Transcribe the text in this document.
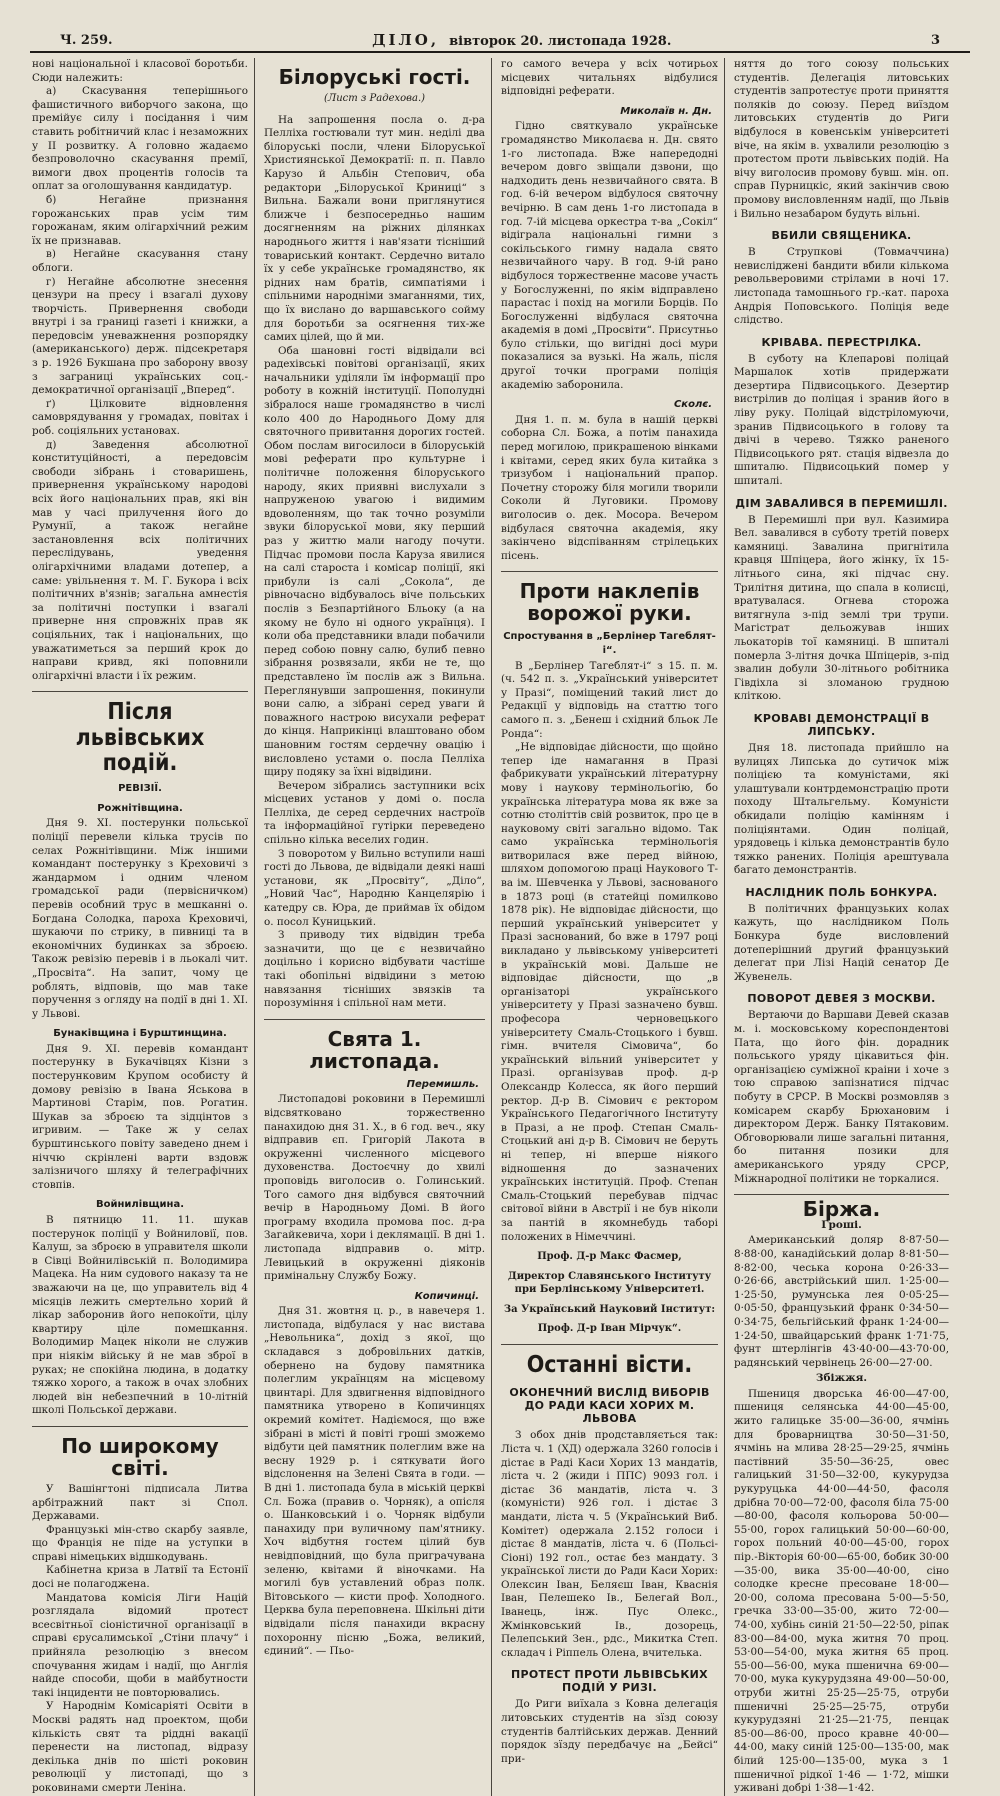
Ч. 259.	ДІЛО, вівторок 20. листопада 1928.	3

нові національної і класової боротьби. Сюди належить:

а) Скасування теперішнього фашистичного виборчого закона, що премійує силу і посідання і чим ставить робітничий клас і незаможних у II розвитку. А головно жадаємо безпроволочно скасування премії, вимоги двох процентів голосів та оплат за оголошування кандидатур.

б) Негайне признання горожанських прав усім тим горожанам, яким олігархічний режим їх не признавав.

в) Негайне скасування стану облоги.

г) Негайне абсолютне знесення цензури на пресу і взагалі духову творчість. Привернення свободи внутрі і за границі газеті і книжки, а передовсім уневажнення розпорядку (американського) держ. підсекретаря з р. 1926 Букшана про заборону ввозу з заграниці українських соц.-демократичної організації „Вперед“.

ґ) Цілковите відновлення самоврядування у громадах, повітах і роб. соціяльних установах.

д) Заведення абсолютної конституційності, а передовсім свободи зібрань і стоваришень, привернення українському народові всіх його національних прав, які він мав у часі прилучення його до Румунії, а також негайне застановлення всіх політичних переслідувань, уведення олігархічними владами дотепер, а саме: увільнення т. М. Г. Букора і всіх політичних в'язнів; загальна амнестія за політичні поступки і взагалі приверне ння спровжніх прав як соціяльних, так і національних, що уважатиметься за перший крок до направи кривд, які поповнили олігархічні власти і їх режим.

Після львівських подій.
РЕВІЗІЇ.
Рожнітівщина.

Дня 9. XI. постерунки польської поліції перевели кілька трусів по селах Рожнітівщини. Між іншими командант постерунку з Креховичі з жандармом і одним членом громадської ради (первісничком) перевів особний трус в мешканні о. Богдана Солодка, пароха Креховичі, шукаючи по стрику, в пивниці та в економічних будинках за зброєю. Також ревізію перевів і в льокалі чит. „Просвіта“. На запит, чому це роблять, відповів, що мав таке поручення з огляду на події в дні 1. XI. у Львові.

Бунаківщина і Бурштинщина.

Дня 9. XI. перевів командант постерунку в Букачівцях Кізни з постерунковим Крупом особисту й домову ревізію в Івана Яськова в Мартинові Старім, пов. Рогатин. Шукав за зброєю та зідцінтов з игривим. — Таке ж у селах бурштинського повіту заведено днем і ніччю скрінлені варти вздовж залізничого шляху й телеграфічних стовпів.

Войнилівщина.

В пятницю 11. 11. шукав постерунок поліції у Войниловії, пов. Калуш, за зброєю в управителя школи в Сівці Войнилівській п. Володимира Мацека. На ним судового наказу та не зважаючи на це, що управитель від 4 місяців лежить смертельно хорий й лікар заборонив його непокоїти, цілу квартиру ціле помешкання. Володимир Мацек ніколи не служив при ніякім війську й не мав зброї в руках; не спокійна людина, в додатку тяжко хорого, а також в очах злобних людей він небезпечний в 10-літній школі Польської держави.

По широкому світі.

У Вашінгтоні підписала Литва арбітражний пакт зі Спол. Державами.

Французькі мін-ство скарбу заявле, що Франція не піде на уступки в справі німецьких відшкодувань.

Кабінетна криза в Латвії та Естонії досі не полагоджена.

Мандатова комісія Ліги Націй розглядала відомий протест всесвітньої сіоністичної організації в справі єрусалимської „Стіни плачу“ і прийняла резолюцію з внесом спочування жидам і надії, що Англія найде способи, щоби в майбутности такі інциденти не повторювались.

У Народнім Комісаріяті Освіти в Москві радять над проектом, щоби кількість свят та ріддні вакації перенести на листопад, відразу декілька днів по шісті роковин революції у листопаді, що з роковинами смерти Леніна.

Білоруські гості.
(Лист з Радехова.)

На запрошення посла о. д-ра Пелліха гостювали тут мин. неділі два білоруські посли, члени Білоруської Християнської Демократії: п. п. Павло Карузо й Альбін Степович, оба редактори „Білоруської Криниці“ з Вильна. Бажали вони приглянутися ближче і безпосередньо нашим досягненням на ріжних ділянках народнього життя і нав'язати тісніший товариський контакт. Сердечно витало їх у себе українське громадянство, як рідних нам братів, симпатіями і спільними народніми змаганнями, тих, що їх вислано до варшавського сойму для боротьби за осягнення тих-же самих цілей, що й ми.

Оба шановні гості відвідали всі радехівські повітові організації, яких начальники уділяли їм інформації про роботу в кожній інституції. Пополудні зібралося наше громадянство в числі коло 400 до Народнього Дому для святочного привитання дорогих гостей. Обом послам вигосилоси в білоруській мові реферати про культурне і політичне положення білоруського народу, яких приявні вислухали з напруженою увагою і видимим вдоволенням, що так точно розуміли звуки білоруської мови, яку перший раз у життю мали нагоду почути. Підчас промови посла Каруза явилися на салі староста і комісар поліції, які прибули із салі „Сокола“, де рівночасно відбувалось віче польських послів з Безпартійного Бльоку (а на якому не було ні одного українця). І коли оба представники влади побачили перед собою повну салю, булиб певно зібрання розвязали, якби не те, що представлено їм послів аж з Вильна. Переглянувши запрошення, покинули вони салю, а зібрані серед уваги й поважного настрою висухали реферат до кінця. Наприкінці влаштовано обом шановним гостям сердечну овацію і висловлено устами о. посла Пелліха щиру подяку за їхні відвідини.

Вечером зібрались заступники всіх місцевих установ у домі о. посла Пелліха, де серед сердечних настроїв та інформаційної гутірки переведено спільно кілька веселих годин.

З поворотом у Вильно вступили наші гості до Львова, де відвідали деякі наші установи, як „Просвіту“, „Діло“, „Новий Час“, Народню Канцелярію і катедру св. Юра, де приймав їх обідом о. посол Куницький.

З приводу тих відвідин треба зазначити, що це є незвичайно доцільно і корисно відбувати частіше такі обопільні відвідини з метою навязання тісніших звязків та порозуміння і спільної нам мети.

Свята 1. листопада.
Перемишль.

Листопадові роковини в Перемишлі відсвятковано торжественно панахидою дня 31. X., в 6 год. веч., яку відправив єп. Григорій Лакота в окруженні численного місцевого духовенства. Достоєчну до хвилі проповідь виголосив о. Голинський. Того самого дня відбувся святочний вечір в Народньому Домі. В його програму входила промова пос. д-ра Загайкевича, хори і деклямації. В дні 1. листопада відправив о. мітр. Левицький в окруженні діяконів примінальну Службу Божу.

Копичинці.

Дня 31. жовтня ц. р., в навечеря 1. листопада, відбулася у нас вистава „Невольника“, дохід з якої, що складався з добровільних датків, обернено на будову памятника полеглим українцям на місцевому цвинтарі. Для здвигнення відповідного памятника утворено в Копичинцях окремий комітет. Надіємося, що вже зібрані в місті й повіті гроші зможемо відбути цей памятник полеглим вже на весну 1929 р. і сяткувати його відслонення на Зелені Свята в годи. — В дні 1. листопада була в міській церкві Сл. Божа (правив о. Чорняк), а опісля о. Шанковський і о. Чорняк відбули панахиду при вуличному пам'ятнику. Хоч відбутня гостем цілий був невідповідний, що була приграчувана зеленю, квітами й віночками. На могилі був уставлений образ полк. Вітовського — кисти проф. Холодного. Церква була переповнена. Шкільні діти відвідали після панахиди вкрасну похоронну пісню „Божа, великий, єдиний“. — Пьо-

го самого вечера у всіх чотирьох місцевих читальнях відбулися відповідні реферати.

Миколаїв н. Дн.

Гідно святкувало українське громадянство Миколаєва н. Дн. свято 1-го листопада. Вже напередодні вечером довго звіщали дзвони, що надходить день незвичайного свята. В год. 6-ій вечером відбулося святочну вечірню. В сам день 1-го листопада в год. 7-ій місцева оркестра т-ва „Сокіл“ відіграла національні гимни з сокільського гимну надала свято незвичайного чару. В год. 9-ій рано відбулося торжественне масове участь у Богослуженні, по якім відправлено парастас і похід на могили Борців. По Богослуженні відбулася святочна академія в домі „Просвіти“. Присутньо було стільки, що вигідні досі мури показалися за вузькі. На жаль, після другої точки програми поліція академію заборонила.

Сколє.

Дня 1. п. м. була в нашій церкві соборна Сл. Божа, а потім панахида перед могилою, прикрашеною вінками і квітами, серед яких була китайка з тризубом і національний прапор. Почетну сторожу біля могили творили Соколи й Луговики. Промову виголосив о. дек. Мосора. Вечером відбулася святочна академія, яку закінчено відспіванням стрілецьких пісень.

Проти наклепів ворожої руки.
Спростування в „Берлінер Тагеблят-і“.

В „Берлінер Тагеблят-і“ з 15. п. м. (ч. 542 п. з. „Український університет у Празі“, поміщений такий лист до Редакції у відповідь на статтю того самого п. з. „Бенеш і східний бльок Ле Ронда“:

„Не відповідає дійсности, що щойно тепер іде намагання в Празі фабрикувати український літературну мову і наукову термінольогію, бо українська література мова як вже за сотню століттів свій розвиток, про це в науковому світі загально відомо. Так само українська термінольогія витворилася вже перед війною, шляхом допомогою праці Наукового Т-ва ім. Шевченка у Львові, заснованого в 1873 році (в статейці помилково 1878 рік). Не відповідає дійсности, що перший український університет у Празі заснований, бо вже в 1797 році викладано у львівському університеті в українській мові. Дальше не відповідає дійсности, що „в організаторі українського університету у Празі зазначено бувш. професора черновецького університету Смаль-Стоцького і бувш. гімн. вчителя Сімовича“, бо український вільний університет у Празі. організував проф. д-р Олександр Колесса, як його перший ректор. Д-р В. Сімович є ректором Українського Педагогічного Інституту в Празі, а не проф. Степан Смаль-Стоцький ані д-р В. Сімович не беруть ні тепер, ні вперше ніякого відношення до зазначених українських інституцій. Проф. Степан Смаль-Стоцький перебував підчас світової війни в Австрії і не був ніколи за пантій в якомнебудь таборі положених в Німеччині.

Проф. Д-р Макс Фасмер,
Директор Славянського Інституту при Берлінському Університеті.
За Український Науковий Інститут:
Проф. Д-р Іван Мірчук“.
Останні вісти.
ОКОНЕЧНИЙ ВИСЛІД ВИБОРІВ ДО РАДИ КАСИ ХОРИХ М. ЛЬВОВА

З обох днів продставляється так: Ліста ч. 1 (ХД) одержала 3260 голосів і дістає в Раді Каси Хорих 13 мандатів, ліста ч. 2 (жиди і ППС) 9093 гол. і дістає 36 мандатів, ліста ч. 3 (комуністи) 926 гол. і дістає 3 мандати, ліста ч. 5 (Український Виб. Комітет) одержала 2.152 голоси і дістає 8 мандатів, ліста ч. 6 (Польсі-Сіоні) 192 гол., остає без мандату. З української листи до Ради Каси Хорих: Олексин Іван, Беляєш Іван, Кваснія Іван, Пелешеко Ів., Белегай Вол., Іванець, інж. Пус Олекс., Жмінковський Ів., дозорець, Пелепський Зен., рдс., Микитка Степ. складач і Ріппель Олена, вчителька.

ПРОТЕСТ ПРОТИ ЛЬВІВСЬКИХ ПОДІЙ У РИЗІ.

До Риги виїхала з Ковна делегація литовських студентів на зїзд союзу студентів балтійських держав. Денний порядок зїзду передбачує на „Бейсі“ при-

няття до того союзу польських студентів. Делегація литовських студентів запротестує проти приняття поляків до союзу. Перед виїздом литовських студентів до Риги відбулося в ковенськім університеті віче, на якім в. ухвалили резолюцію з протестом проти львівських подій. На вічу виголосив промову бувш. мін. оп. справ Пурницкіс, який закінчив свою промову висловленням надії, що Львів і Вильно незабаром будуть вільні.

ВБИЛИ СВЯЩЕНИКА.

В Струпкові (Товмаччина) невислідженi бандити вбили кількома револьверовими стрілами в ночі 17. листопада тамошнього гр.-кат. пароха Андрія Поповського. Поліція веде слідство.

КРІВАВА. ПЕРЕСТРІЛКА.

В суботу на Клепарові поліцай Маршалок хотів придержати дезертира Підвисоцького. Дезертир вистрілив до поліцая і зранив його в ліву руку. Поліцай відстріломуючи, зранив Підвисоцького в голову та двічі в черево. Тяжко раненого Підвисоцького рят. стація відвезла до шпиталю. Підвисоцький помер у шпиталі.

ДІМ ЗАВАЛИВСЯ В ПЕРЕМИШЛІ.

В Перемишлі при вул. Казимира Вел. завалився в суботу третій поверх камяниці. Завалина пригнітила кравця Шпіцера, його жінку, їх 15-літнього сина, які підчас сну. Трилітня дитина, що спала в колисці, вратувалася. Огнева сторожа витягнула з-під землі три трупи. Магістрат дельожував інших льокаторів тої камяниці. В шпиталі померла 3-літня дочка Шпіцерів, з-під звалин добули 30-літнього робітника Гівдіхла зі зломаною грудною кліткою.

КРОВАВІ ДЕМОНСТРАЦІЇ В ЛИПСЬКУ.

Дня 18. листопада прийшло на вулицях Липська до сутичок між поліцією та комуністами, які улаштували контрдемонстрацію проти походу Штальгельму. Комуністи обкидали поліцію камінням і поліціянтами. Один поліцай, урядовець і кілька демонстрантів було тяжко ранених. Поліція арештувала багато демонстрантів.

НАСЛІДНИК ПОЛЬ БОНКУРА.

В політичних французьких колах кажуть, що наслідником Поль Бонкура буде висловлений дотеперішний другий французький делегат при Лізі Націй сенатор Де Жувенель.

ПОВОРОТ ДЕВЕЯ З МОСКВИ.

Вертаючи до Варшави Девей сказав м. і. московському кореспондентові Пата, що його фін. дорадник польського уряду цікавиться фін. організацією суміжної краіни і хоче з тою справою запізнатися підчас побуту в СРСР. В Москві розмовляв з комісарем скарбу Брюхановим і директором Держ. Банку Пятаковим. Обговорювали лише загальні питання, бо питання позики для американського уряду СРСР, Міжнародної політики не торкалися.

Біржа.
Гроші.

Американський доляр 8·87·50—8·88·00, канадійський долар 8·81·50—8·82·00, чеська корона 0·26·33—0·26·66, австрійський шил. 1·25·00—1·25·50, румунська лея 0·05·25—0·05·50, французький франк 0·34·50—0·34·75, бельгійський франк 1·24·00—1·24·50, швайцарський франк 1·71·75, фунт штерлінгів 43·40·00—43·70·00, радянський червінець 26·00—27·00.

Збіжжя.

Пшениця дворська 46·00—47·00, пшениця селянська 44·00—45·00, жито галицьке 35·00—36·00, ячмінь для броварництва 30·50—31·50, ячмінь на млива 28·25—29·25, ячмінь пастівний 35·50—36·25, овес галицький 31·50—32·00, кукурудза рукуруцька 44·00—44·50, фасоля дрібна 70·00—72·00, фасоля біла 75·00—80·00, фасоля кольорова 50·00—55·00, горох галицький 50·00—60·00, горох польний 40·00—45·00, горох пір.-Вікторія 60·00—65·00, бобик 30·00—35·00, вика 35·00—40·00, сіно солодке кресне пресоване 18·00—20·00, солома пресована 5·00—5·50, гречка 33·00—35·00, жито 72·00—74·00, хубінь синій 21·50—22·50, ріпак 83·00—84·00, мука житня 70 проц. 53·00—54·00, мука житня 65 проц. 55·00—56·00, мука пшенична 69·00—70·00, мука кукурудзяна 49·00—50·00, отруби житні 25·25—25·75, отруби пшеничні 25·25—25·75, отруби кукурудзяні 21·25—21·75, пенцак 85·00—86·00, просо кравне 40·00—44·00, маку синій 125·00—135·00, мак білий 125·00—135·00, мука з 1 пшеничної рідкої 1·46 — 1·72, мішки уживані добрі 1·38—1·42.
